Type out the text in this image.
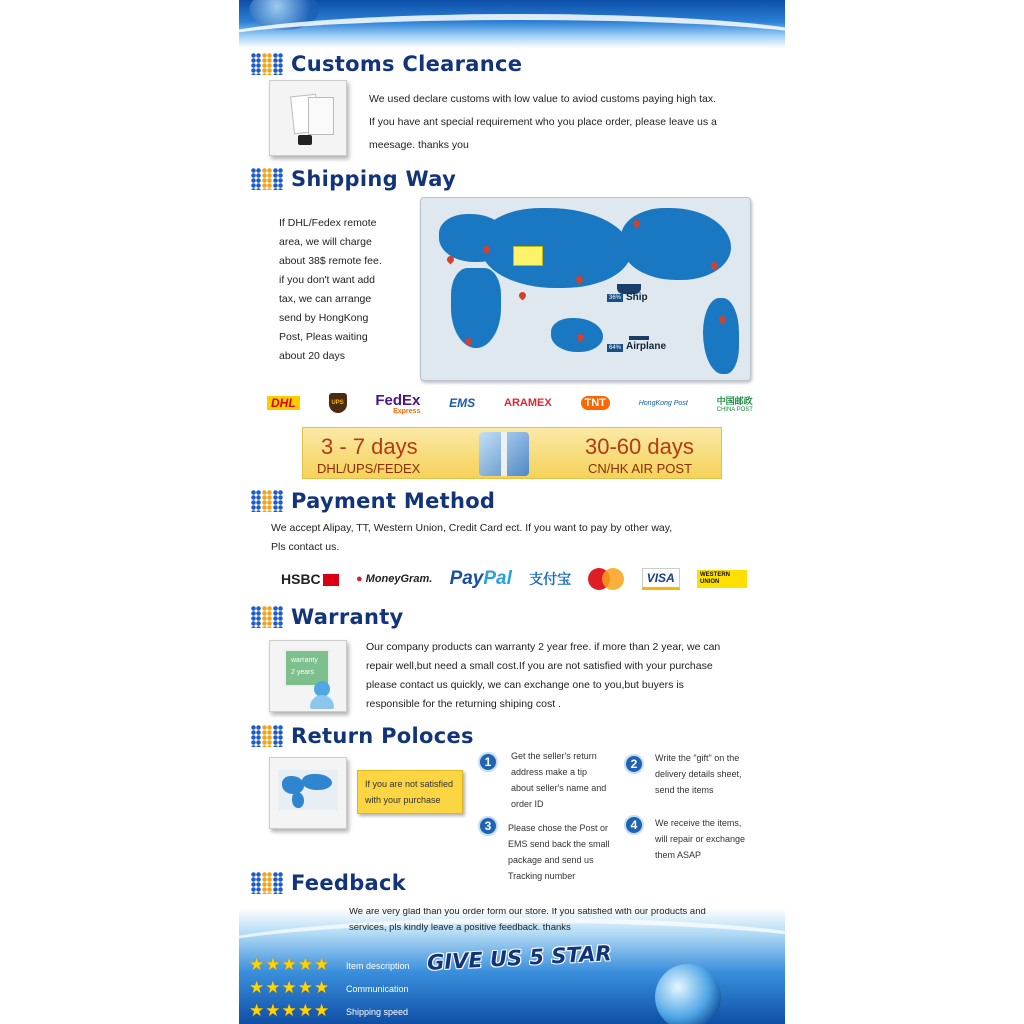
Customs Clearance
We used declare customs with low value to aviod customs paying high tax.
If you have ant special requirement who you place order, please leave us a
meesage. thanks you
Shipping Way
If DHL/Fedex remote
area, we will charge
about 38$ remote fee.
if you don't want add
tax, we can arrange
send by HongKong
Post, Pleas waiting
about 20 days
36% Ship
64% Airplane
DHL	UPS FedEx
Express
EMS	ARAMEX	TNT	HongKong Post	中国邮政
CHINA POST
3 - 7 days
DHL/UPS/FEDEX
30-60 days
CN/HK AIR POST
Payment Method
We accept Alipay, TT, Western Union, Credit Card ect. If you want to pay by other way,
Pls contact us.
HSBC	● MoneyGram. PayPal 支付宝	VISA	WESTERN UNION
Warranty
warranty
2 years
Our company products can warranty 2 year free. if more than 2 year, we can
repair well,but need a small cost.If you are not satisfied with your purchase
please contact us quickly, we can exchange one to you,but buyers is
responsible for the returning shiping cost .
Return Poloces
If you are not satisfied
with your purchase
1	Get the seller's return
address make a tip
about seller's name and
order ID
2	Write the "gift" on the
delivery details sheet,
send the items
3	Please chose the Post or
EMS send back the small
package and send us
Tracking number
4	We receive the items,
will repair or exchange
them ASAP
Feedback
We are very glad than you order form our store. If you satisfied with our products and
services, pls kindly leave a positive feedback. thanks
GIVE US 5 STAR
★ ★ ★ ★ ★ Item description
★ ★ ★ ★ ★ Communication
★ ★ ★ ★ ★ Shipping speed
